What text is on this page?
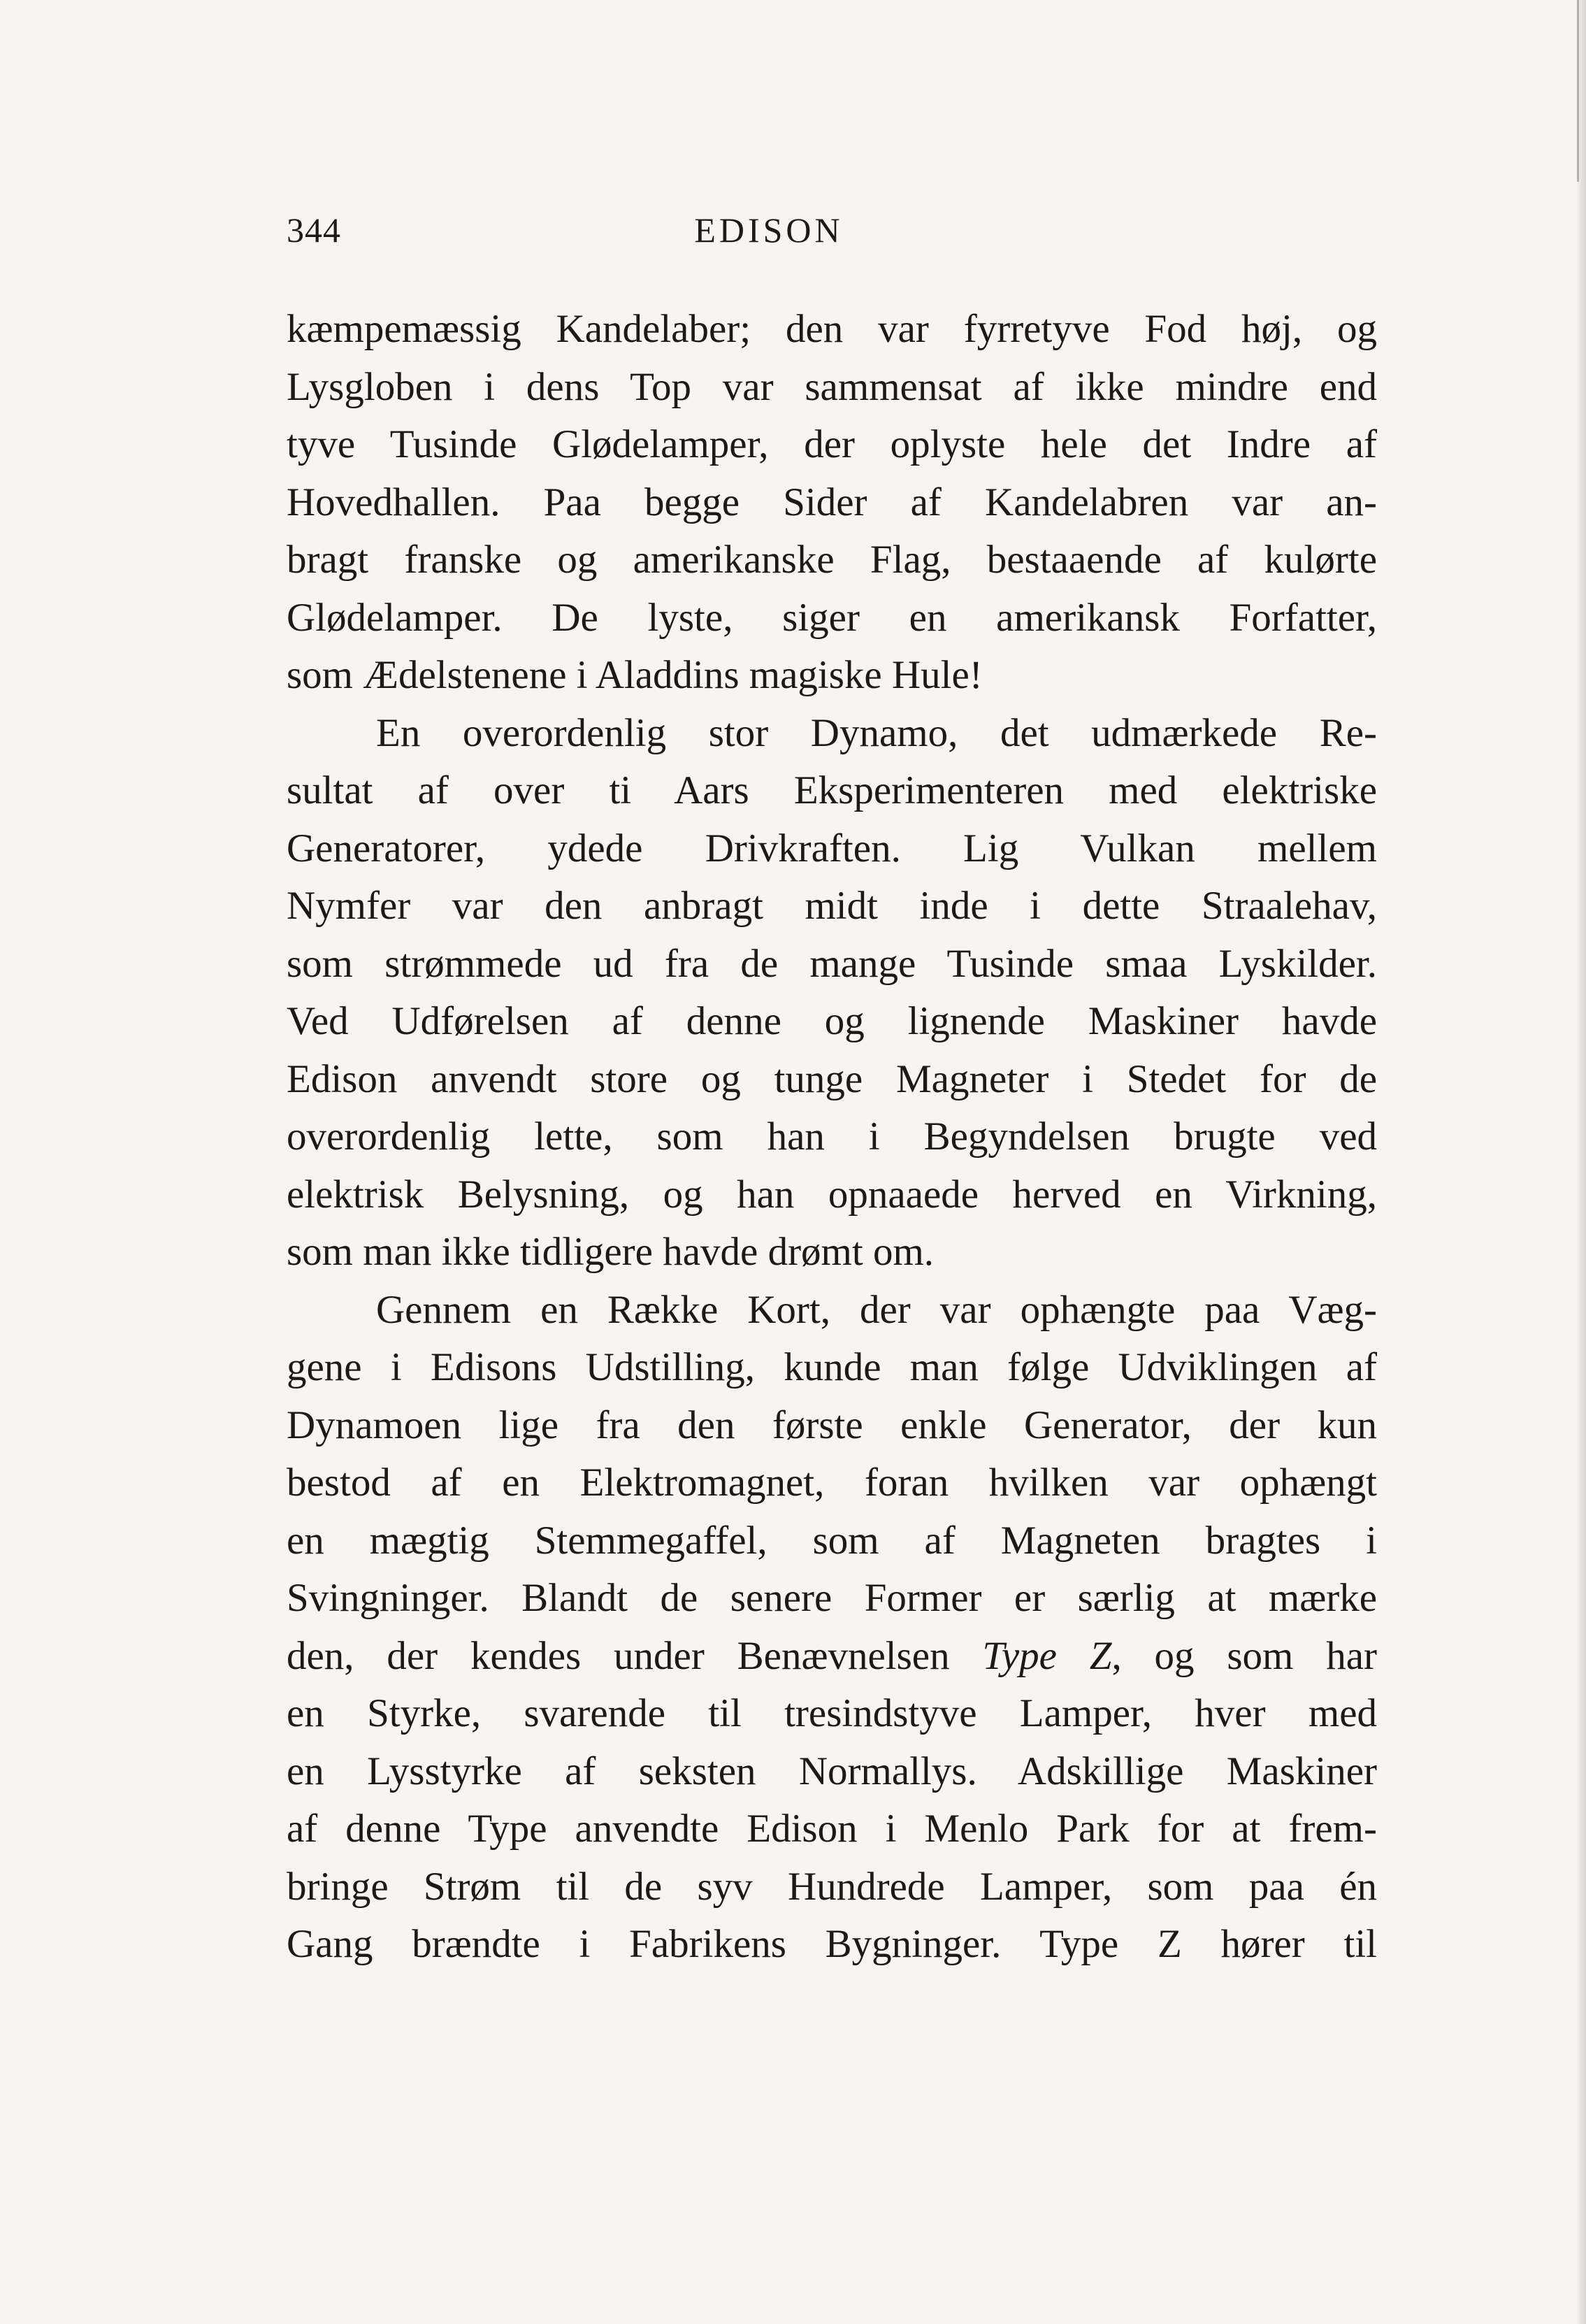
344	EDISON
kæmpemæssig Kandelaber; den var fyrretyve Fod høj, og
Lysgloben i dens Top var sammensat af ikke mindre end
tyve Tusinde Glødelamper, der oplyste hele det Indre af
Hovedhallen. Paa begge Sider af Kandelabren var an-
bragt franske og amerikanske Flag, bestaaende af kulørte
Glødelamper. De lyste, siger en amerikansk Forfatter,
som Ædelstenene i Aladdins magiske Hule!
En overordenlig stor Dynamo, det udmærkede Re-
sultat af over ti Aars Eksperimenteren med elektriske
Generatorer, ydede Drivkraften. Lig Vulkan mellem
Nymfer var den anbragt midt inde i dette Straalehav,
som strømmede ud fra de mange Tusinde smaa Lyskilder.
Ved Udførelsen af denne og lignende Maskiner havde
Edison anvendt store og tunge Magneter i Stedet for de
overordenlig lette, som han i Begyndelsen brugte ved
elektrisk Belysning, og han opnaaede herved en Virkning,
som man ikke tidligere havde drømt om.
Gennem en Række Kort, der var ophængte paa Væg-
gene i Edisons Udstilling, kunde man følge Udviklingen af
Dynamoen lige fra den første enkle Generator, der kun
bestod af en Elektromagnet, foran hvilken var ophængt
en mægtig Stemmegaffel, som af Magneten bragtes i
Svingninger. Blandt de senere Former er særlig at mærke
den, der kendes under Benævnelsen Type Z, og som har
en Styrke, svarende til tresindstyve Lamper, hver med
en Lysstyrke af seksten Normallys. Adskillige Maskiner
af denne Type anvendte Edison i Menlo Park for at frem-
bringe Strøm til de syv Hundrede Lamper, som paa én
Gang brændte i Fabrikens Bygninger. Type Z hører til
